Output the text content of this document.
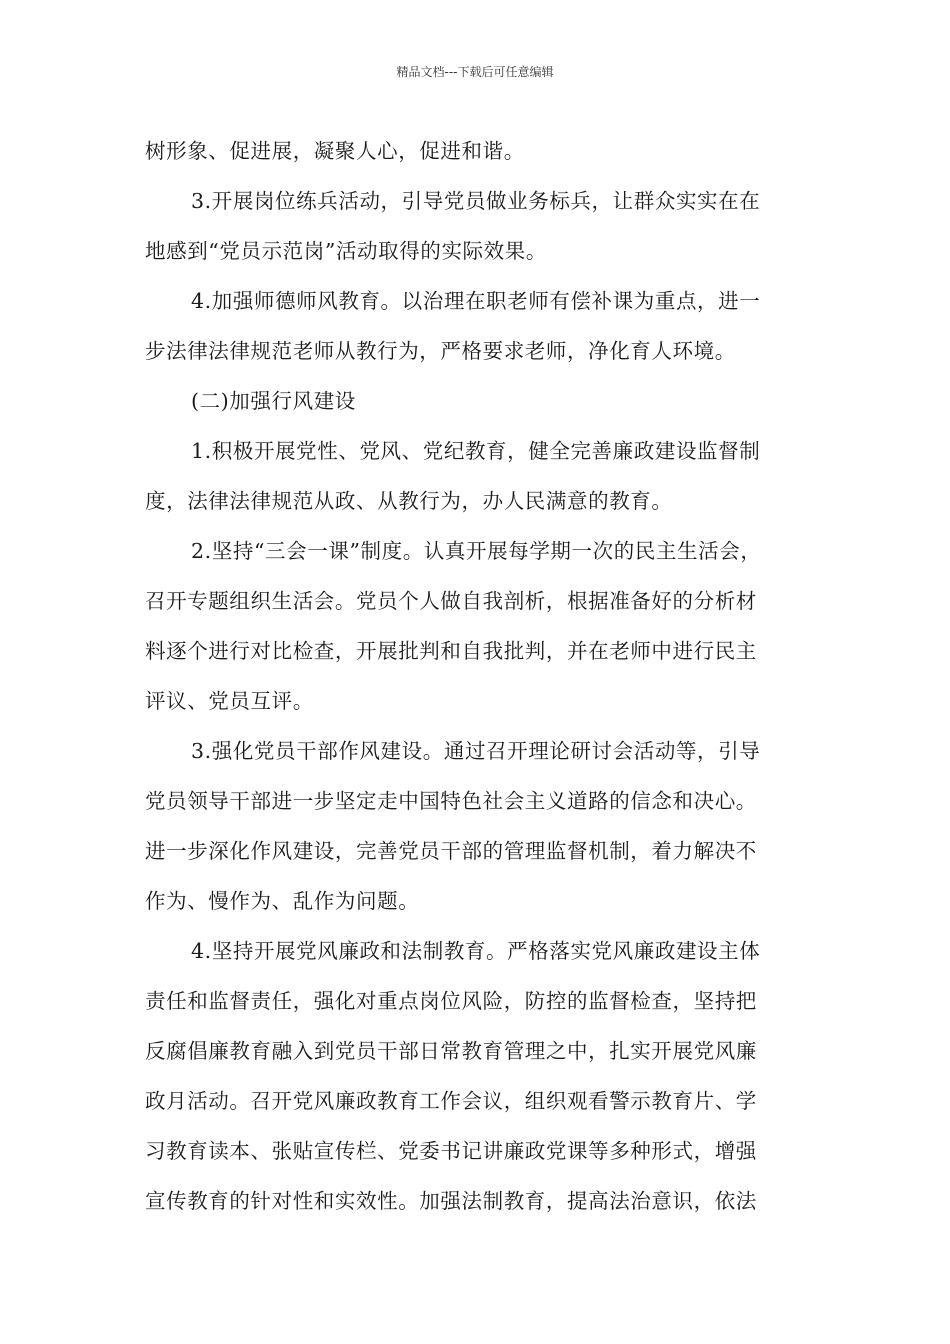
精品文档---下载后可任意编辑

树形象、促进展，凝聚人心，促进和谐。

3.开展岗位练兵活动，引导党员做业务标兵，让群众实实在在

地感到“党员示范岗”活动取得的实际效果。

4.加强师德师风教育。以治理在职老师有偿补课为重点，进一

步法律法律规范老师从教行为，严格要求老师，净化育人环境。

(二)加强行风建设

1.积极开展党性、党风、党纪教育，健全完善廉政建设监督制

度，法律法律规范从政、从教行为，办人民满意的教育。

2.坚持“三会一课”制度。认真开展每学期一次的民主生活会，

召开专题组织生活会。党员个人做自我剖析，根据准备好的分析材

料逐个进行对比检查，开展批判和自我批判，并在老师中进行民主

评议、党员互评。

3.强化党员干部作风建设。通过召开理论研讨会活动等，引导

党员领导干部进一步坚定走中国特色社会主义道路的信念和决心。

进一步深化作风建设，完善党员干部的管理监督机制，着力解决不

作为、慢作为、乱作为问题。

4.坚持开展党风廉政和法制教育。严格落实党风廉政建设主体

责任和监督责任，强化对重点岗位风险，防控的监督检查，坚持把

反腐倡廉教育融入到党员干部日常教育管理之中，扎实开展党风廉

政月活动。召开党风廉政教育工作会议，组织观看警示教育片、学

习教育读本、张贴宣传栏、党委书记讲廉政党课等多种形式，增强

宣传教育的针对性和实效性。加强法制教育，提高法治意识，依法
